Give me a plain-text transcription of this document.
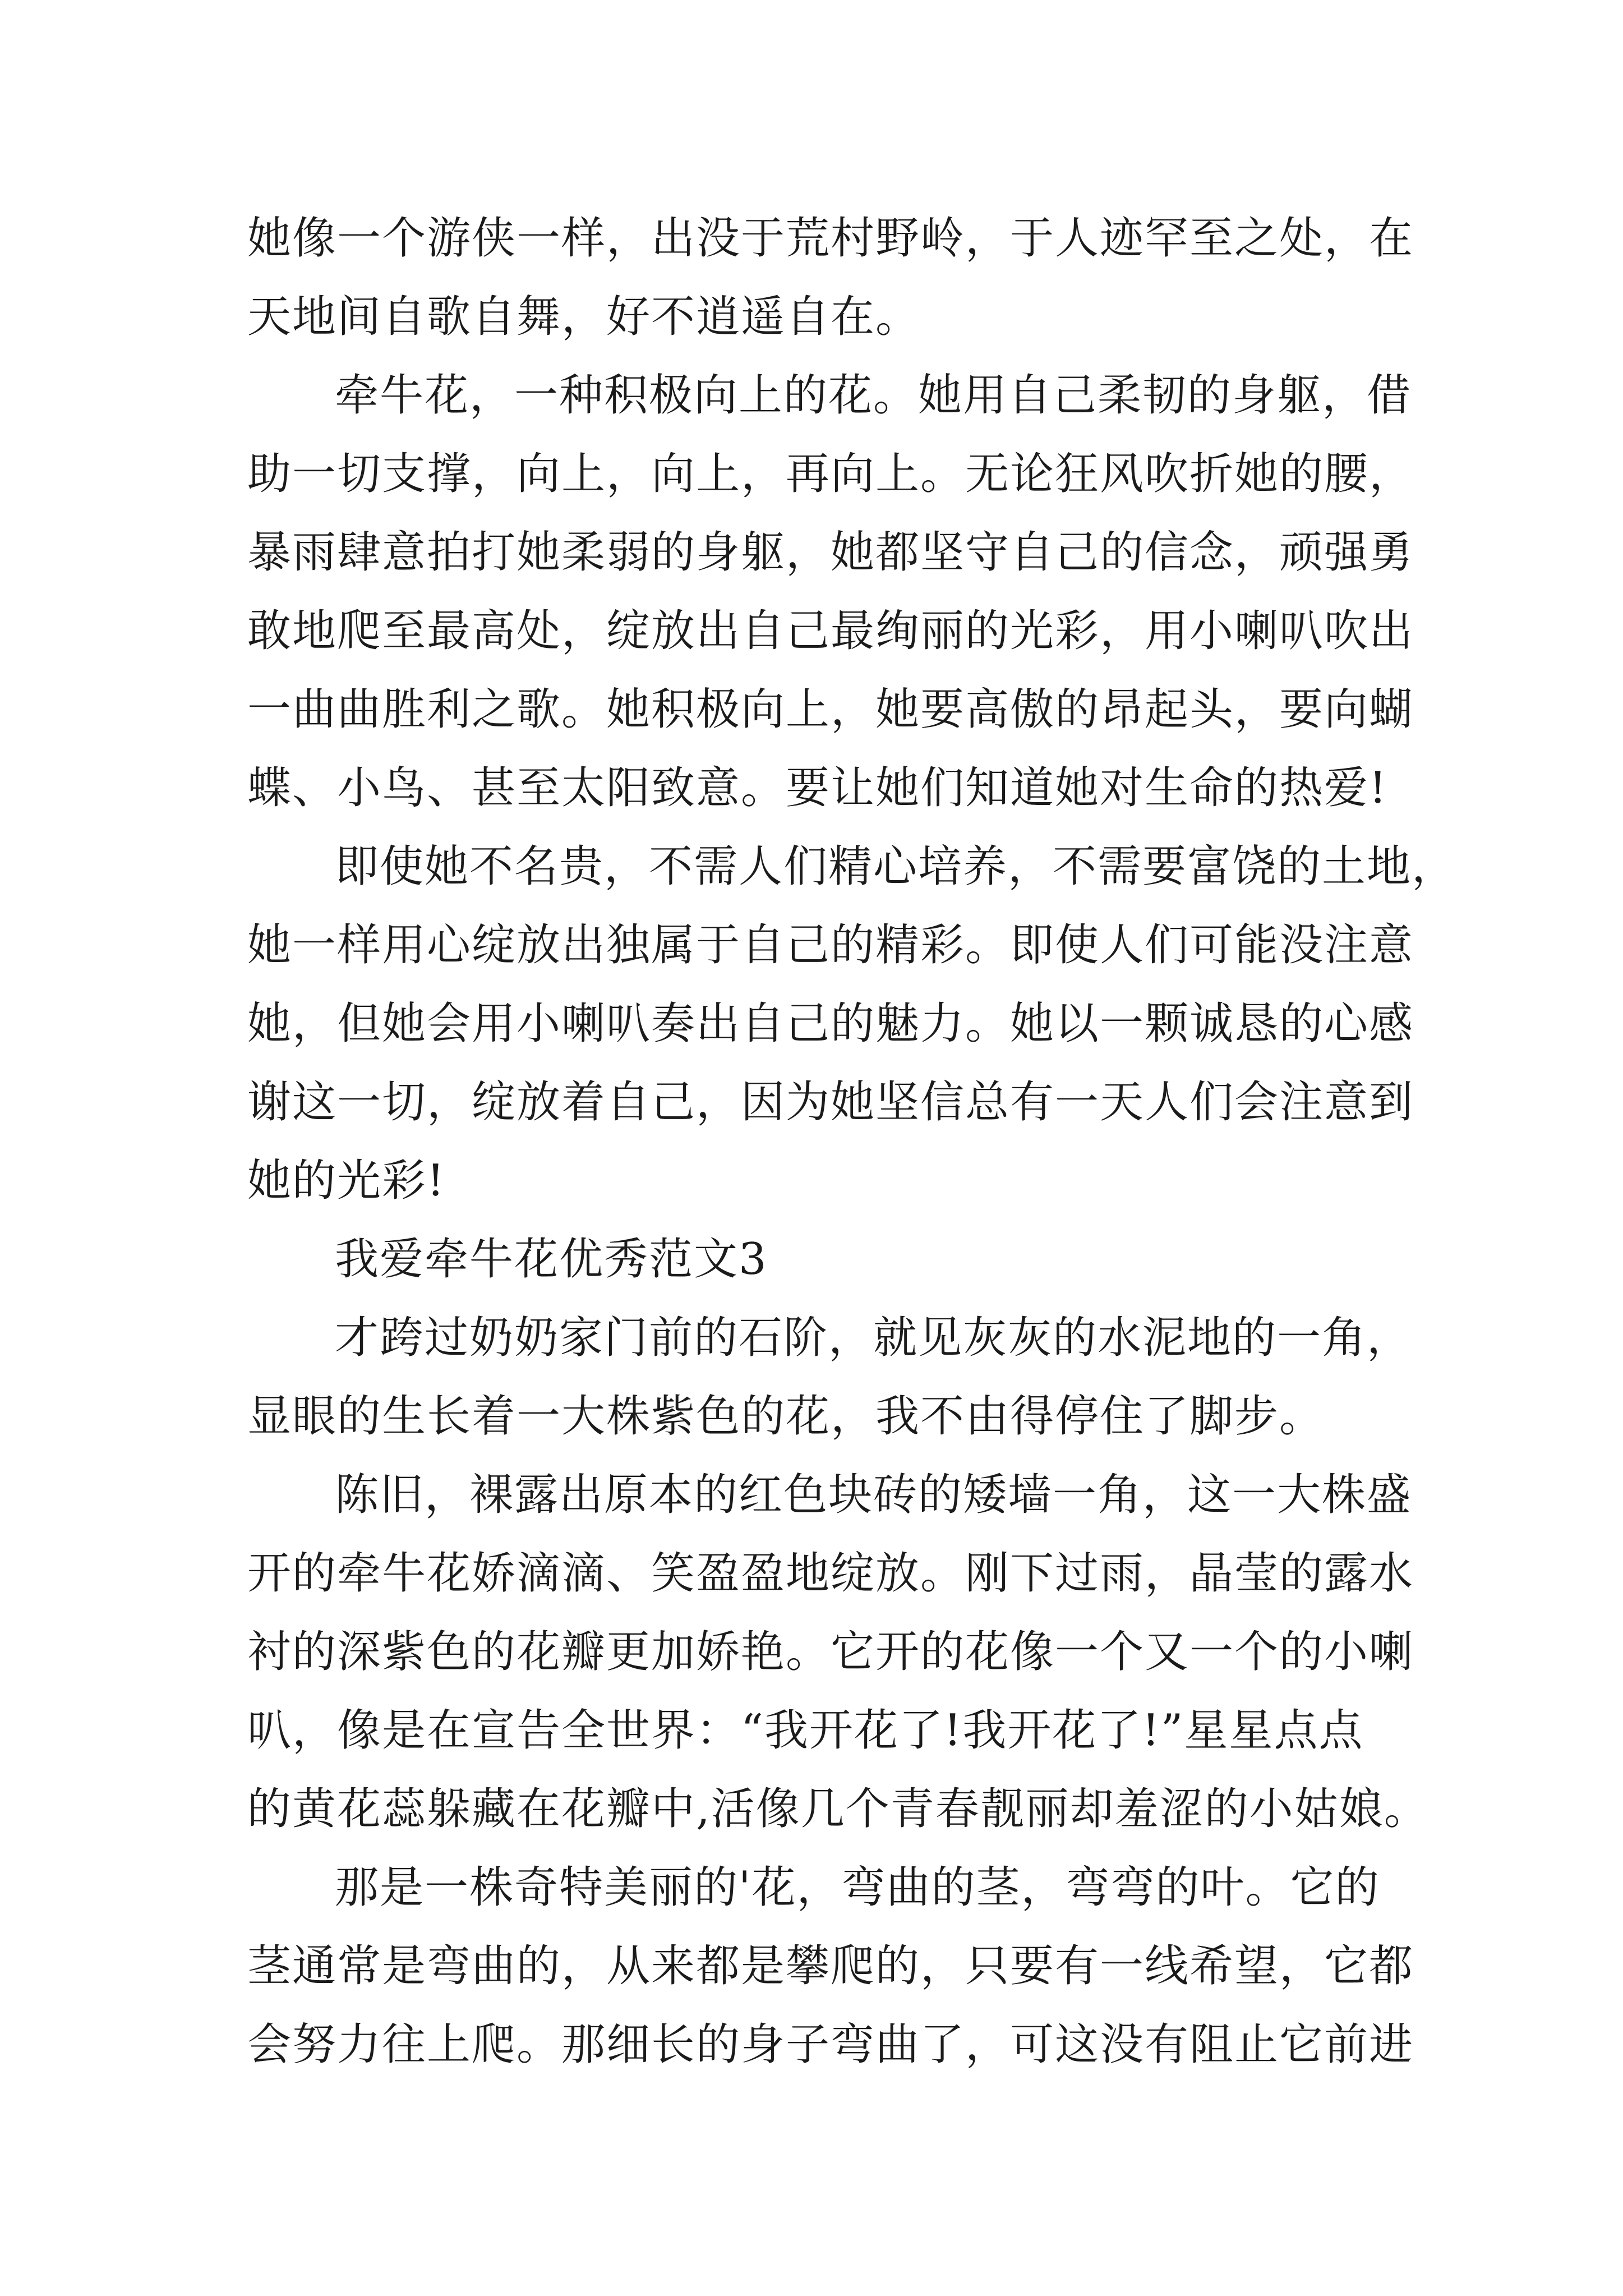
她像一个游侠一样，出没于荒村野岭，于人迹罕至之处，在
天地间自歌自舞，好不逍遥自在。
牵牛花，一种积极向上的花。她用自己柔韧的身躯，借
助一切支撑，向上，向上，再向上。无论狂风吹折她的腰，
暴雨肆意拍打她柔弱的身躯，她都坚守自己的信念，顽强勇
敢地爬至最高处，绽放出自己最绚丽的光彩，用小喇叭吹出
一曲曲胜利之歌。她积极向上，她要高傲的昂起头，要向蝴
蝶、小鸟、甚至太阳致意。要让她们知道她对生命的热爱!
即使她不名贵，不需人们精心培养，不需要富饶的土地，
她一样用心绽放出独属于自己的精彩。即使人们可能没注意
她，但她会用小喇叭奏出自己的魅力。她以一颗诚恳的心感
谢这一切，绽放着自己，因为她坚信总有一天人们会注意到
她的光彩!
我爱牵牛花优秀范文3
才跨过奶奶家门前的石阶，就见灰灰的水泥地的一角，
显眼的生长着一大株紫色的花，我不由得停住了脚步。
陈旧，裸露出原本的红色块砖的矮墙一角，这一大株盛
开的牵牛花娇滴滴、笑盈盈地绽放。刚下过雨，晶莹的露水
衬的深紫色的花瓣更加娇艳。它开的花像一个又一个的小喇
叭，像是在宣告全世界：“我开花了!我开花了!”星星点点
的黄花蕊躲藏在花瓣中,活像几个青春靓丽却羞涩的小姑娘。
那是一株奇特美丽的'花，弯曲的茎，弯弯的叶。它的
茎通常是弯曲的，从来都是攀爬的，只要有一线希望，它都
会努力往上爬。那细长的身子弯曲了，可这没有阻止它前进
